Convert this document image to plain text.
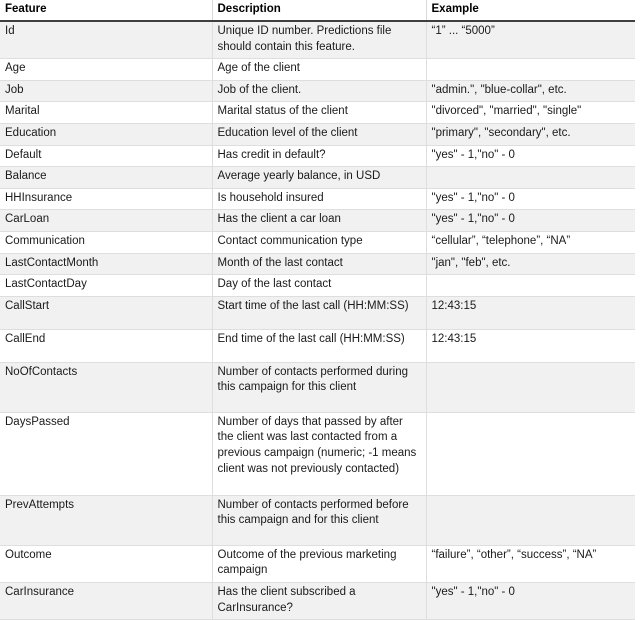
Feature	Description	Example

Id	Unique ID number. Predictions file should contain this feature.	“1” ... “5000”

Age	Age of the client	

Job	Job of the client.	"admin.", "blue-collar", etc.

Marital	Marital status of the client	"divorced", "married", "single"

Education	Education level of the client	"primary", "secondary", etc.

Default	Has credit in default?	"yes" - 1,"no" - 0

Balance	Average yearly balance, in USD	

HHInsurance	Is household insured	"yes" - 1,"no" - 0

CarLoan	Has the client a car loan	"yes" - 1,"no" - 0

Communication	Contact communication type	“cellular”, “telephone”, “NA”

LastContactMonth	Month of the last contact	"jan", "feb", etc.

LastContactDay	Day of the last contact	

CallStart	Start time of the last call (HH:MM:SS)	12:43:15

CallEnd	End time of the last call (HH:MM:SS)	12:43:15

NoOfContacts	Number of contacts performed during this campaign for this client	

DaysPassed	Number of days that passed by after the client was last contacted from a previous campaign (numeric; -1 means client was not previously contacted)	

PrevAttempts	Number of contacts performed before this campaign and for this client	

Outcome	Outcome of the previous marketing campaign	“failure”, “other”, “success”, “NA”

CarInsurance	Has the client subscribed a CarInsurance?	"yes" - 1,"no" - 0
